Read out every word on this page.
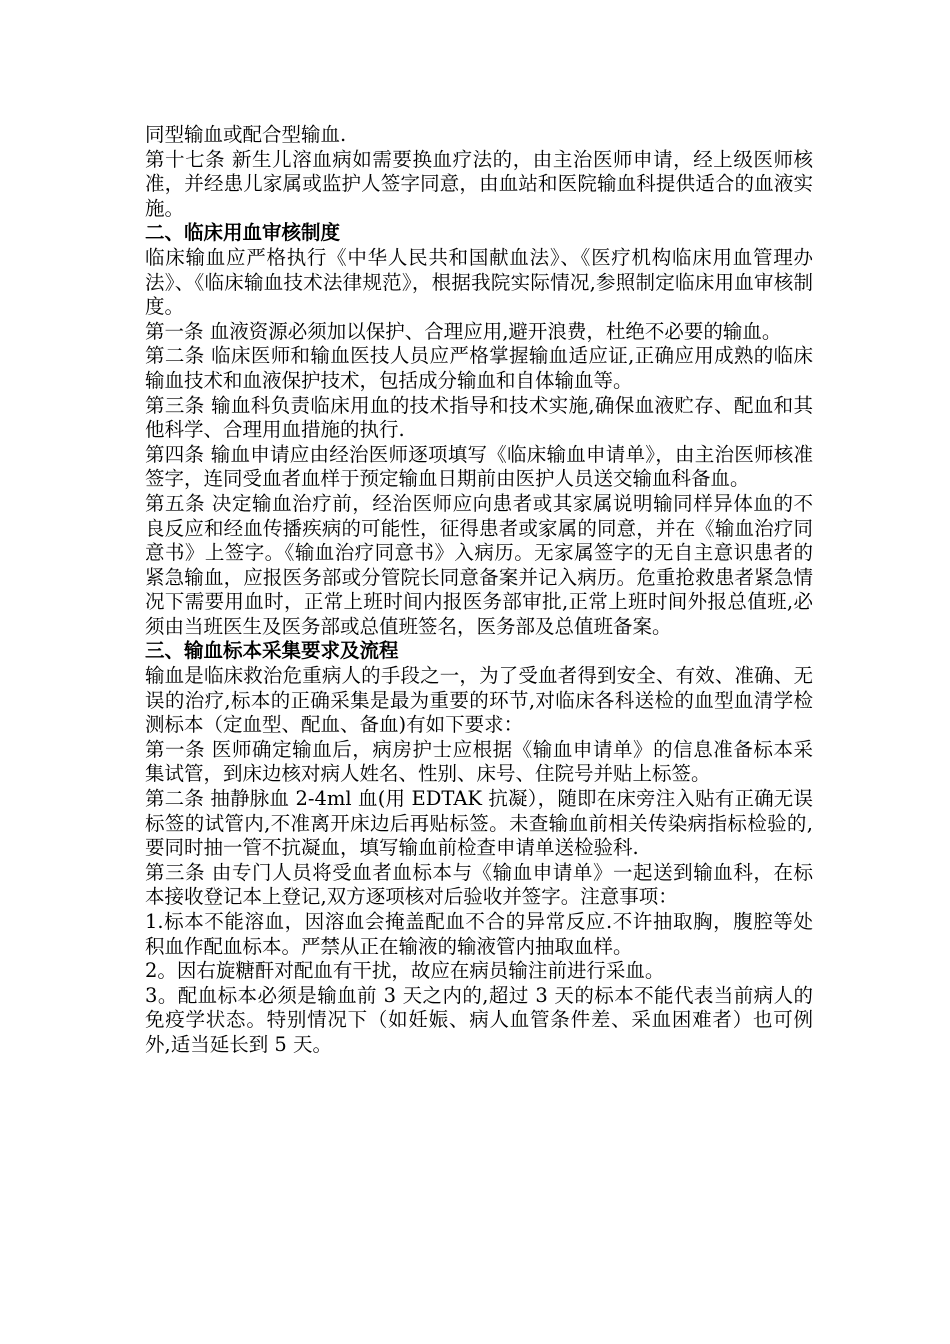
同型输血或配合型输血.

第十七条 新生儿溶血病如需要换血疗法的，由主治医师申请，经上级医师核准，并经患儿家属或监护人签字同意，由血站和医院输血科提供适合的血液实施。

二、临床用血审核制度

临床输血应严格执行《中华人民共和国献血法》、《医疗机构临床用血管理办法》、《临床输血技术法律规范》，根据我院实际情况,参照制定临床用血审核制度。

第一条 血液资源必须加以保护、合理应用,避开浪费，杜绝不必要的输血。

第二条 临床医师和输血医技人员应严格掌握输血适应证,正确应用成熟的临床输血技术和血液保护技术，包括成分输血和自体输血等。

第三条 输血科负责临床用血的技术指导和技术实施,确保血液贮存、配血和其他科学、合理用血措施的执行.

第四条 输血申请应由经治医师逐项填写《临床输血申请单》，由主治医师核准签字，连同受血者血样于预定输血日期前由医护人员送交输血科备血。

第五条 决定输血治疗前，经治医师应向患者或其家属说明输同样异体血的不良反应和经血传播疾病的可能性，征得患者或家属的同意，并在《输血治疗同意书》上签字。《输血治疗同意书》入病历。无家属签字的无自主意识患者的紧急输血，应报医务部或分管院长同意备案并记入病历。危重抢救患者紧急情况下需要用血时，正常上班时间内报医务部审批,正常上班时间外报总值班,必须由当班医生及医务部或总值班签名，医务部及总值班备案。

三、输血标本采集要求及流程

输血是临床救治危重病人的手段之一，为了受血者得到安全、有效、准确、无误的治疗,标本的正确采集是最为重要的环节,对临床各科送检的血型血清学检测标本（定血型、配血、备血)有如下要求：

第一条 医师确定输血后，病房护士应根据《输血申请单》的信息准备标本采集试管，到床边核对病人姓名、性别、床号、住院号并贴上标签。

第二条 抽静脉血 2-4ml 血(用 EDTAK 抗凝），随即在床旁注入贴有正确无误标签的试管内,不准离开床边后再贴标签。未查输血前相关传染病指标检验的,要同时抽一管不抗凝血，填写输血前检查申请单送检验科.

第三条 由专门人员将受血者血标本与《输血申请单》一起送到输血科，在标本接收登记本上登记,双方逐项核对后验收并签字。注意事项：

1.标本不能溶血，因溶血会掩盖配血不合的异常反应.不许抽取胸，腹腔等处积血作配血标本。严禁从正在输液的输液管内抽取血样。

2。因右旋糖酐对配血有干扰，故应在病员输注前进行采血。

3。配血标本必须是输血前 3 天之内的,超过 3 天的标本不能代表当前病人的免疫学状态。特别情况下（如妊娠、病人血管条件差、采血困难者）也可例外,适当延长到 5 天。
